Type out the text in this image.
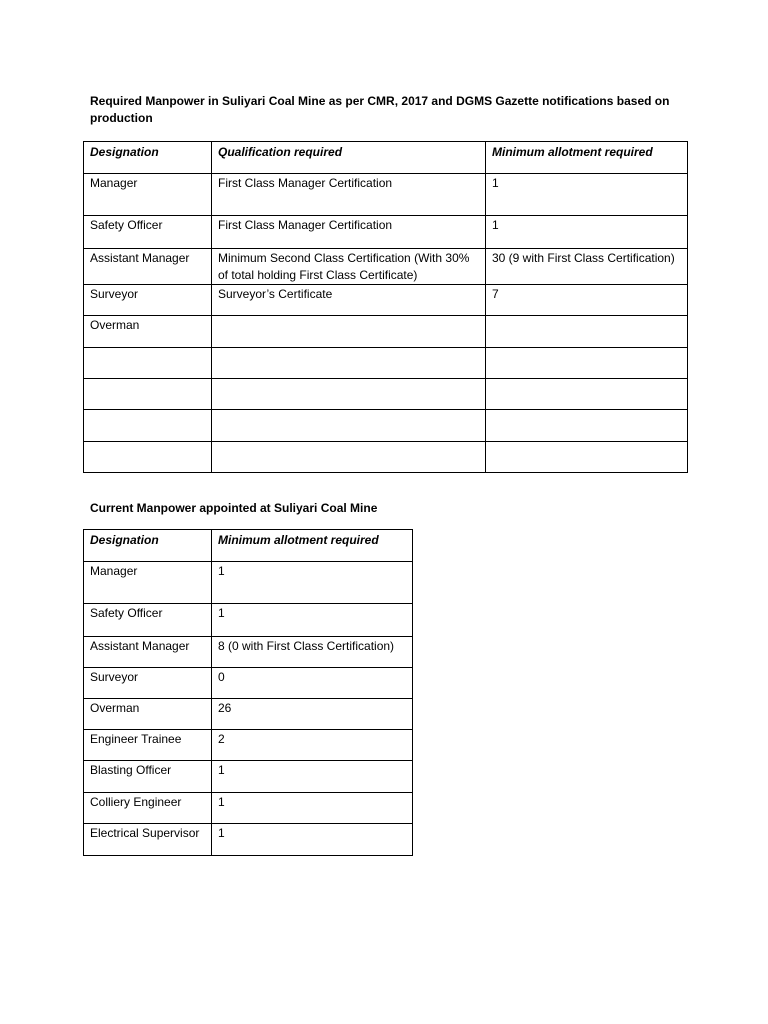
Required Manpower in Suliyari Coal Mine as per CMR, 2017 and DGMS Gazette notifications based on production

Designation	Qualification required	Minimum allotment required
Manager	First Class Manager Certification	1
Safety Officer	First Class Manager Certification	1
Assistant Manager	Minimum Second Class Certification (With 30% of total holding First Class Certificate)	30 (9 with First Class Certification)
Surveyor	Surveyor’s Certificate	7
Overman		

Current Manpower appointed at Suliyari Coal Mine

Designation	Minimum allotment required
Manager	1
Safety Officer	1
Assistant Manager	8 (0 with First Class Certification)
Surveyor	0
Overman	26
Engineer Trainee	2
Blasting Officer	1
Colliery Engineer	1
Electrical Supervisor	1
